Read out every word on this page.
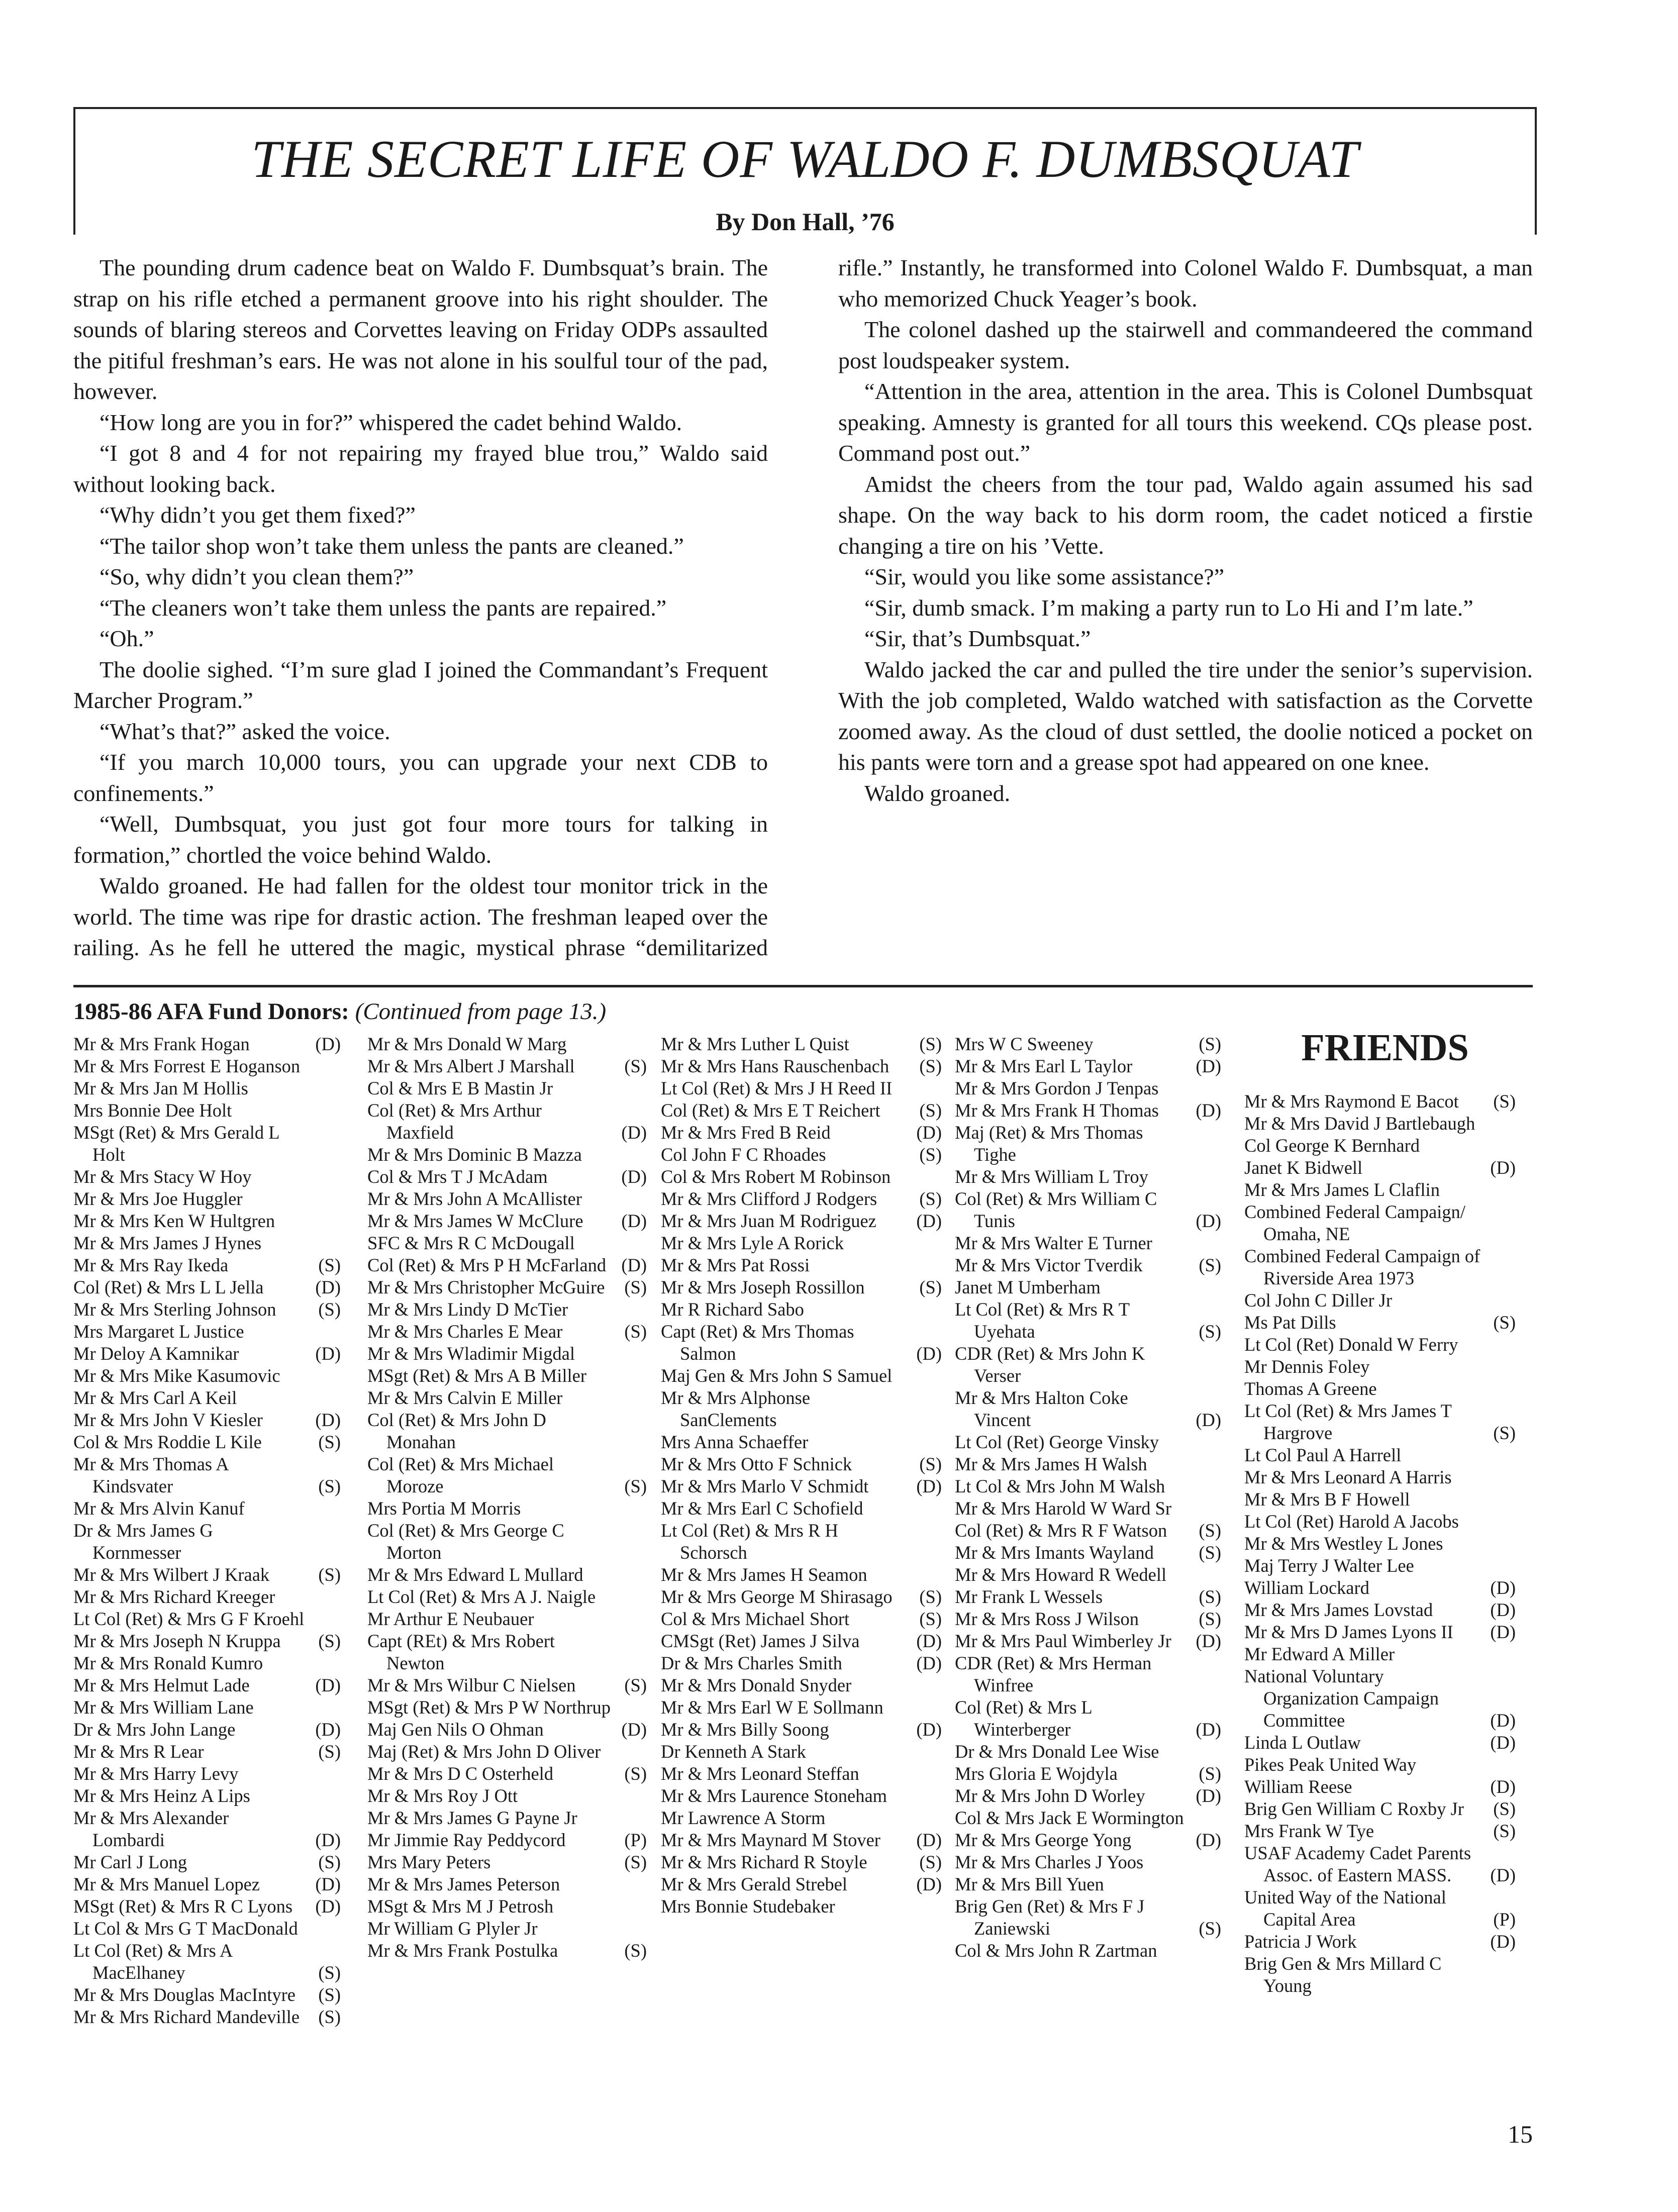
THE SECRET LIFE OF WALDO F. DUMBSQUAT
By Don Hall, ’76

The pounding drum cadence beat on Waldo F. Dumbsquat’s brain. The strap on his rifle etched a permanent groove into his right shoulder. The sounds of blaring stereos and Corvettes leaving on Friday ODPs assaulted the pitiful freshman’s ears. He was not alone in his soulful tour of the pad, however.

“How long are you in for?” whispered the cadet behind Waldo.

“I got 8 and 4 for not repairing my frayed blue trou,” Waldo said without looking back.

“Why didn’t you get them fixed?”

“The tailor shop won’t take them unless the pants are cleaned.”

“So, why didn’t you clean them?”

“The cleaners won’t take them unless the pants are repaired.”

“Oh.”

The doolie sighed. “I’m sure glad I joined the Commandant’s Frequent Marcher Program.”

“What’s that?” asked the voice.

“If you march 10,000 tours, you can upgrade your next CDB to confinements.”

“Well, Dumbsquat, you just got four more tours for talking in formation,” chortled the voice behind Waldo.

Waldo groaned. He had fallen for the oldest tour monitor trick in the world. The time was ripe for drastic action. The freshman leaped over the railing. As he fell he uttered the magic, mystical phrase “demilitarized rifle.” Instantly, he transformed into Colonel Waldo F. Dumbsquat, a man who memorized Chuck Yeager’s book.

The colonel dashed up the stairwell and commandeered the command post loudspeaker system.

“Attention in the area, attention in the area. This is Colonel Dumbsquat speaking. Amnesty is granted for all tours this weekend. CQs please post. Command post out.”

Amidst the cheers from the tour pad, Waldo again assumed his sad shape. On the way back to his dorm room, the cadet noticed a firstie changing a tire on his ’Vette.

“Sir, would you like some assistance?”

“Sir, dumb smack. I’m making a party run to Lo Hi and I’m late.”

“Sir, that’s Dumbsquat.”

Waldo jacked the car and pulled the tire under the senior’s supervision. With the job completed, Waldo watched with satisfaction as the Corvette zoomed away. As the cloud of dust settled, the doolie noticed a pocket on his pants were torn and a grease spot had appeared on one knee.

Waldo groaned.

1985-86 AFA Fund Donors: (Continued from page 13.)
Mr & Mrs Frank Hogan	(D)
Mr & Mrs Forrest E Hoganson
Mr & Mrs Jan M Hollis
Mrs Bonnie Dee Holt
MSgt (Ret) & Mrs Gerald L Holt
Mr & Mrs Stacy W Hoy
Mr & Mrs Joe Huggler
Mr & Mrs Ken W Hultgren
Mr & Mrs James J Hynes
Mr & Mrs Ray Ikeda	(S)
Col (Ret) & Mrs L L Jella	(D)
Mr & Mrs Sterling Johnson	(S)
Mrs Margaret L Justice
Mr Deloy A Kamnikar	(D)
Mr & Mrs Mike Kasumovic
Mr & Mrs Carl A Keil
Mr & Mrs John V Kiesler	(D)
Col & Mrs Roddie L Kile	(S)
Mr & Mrs Thomas A Kindsvater	(S)
Mr & Mrs Alvin Kanuf
Dr & Mrs James G Kornmesser
Mr & Mrs Wilbert J Kraak	(S)
Mr & Mrs Richard Kreeger
Lt Col (Ret) & Mrs G F Kroehl
Mr & Mrs Joseph N Kruppa	(S)
Mr & Mrs Ronald Kumro
Mr & Mrs Helmut Lade	(D)
Mr & Mrs William Lane
Dr & Mrs John Lange	(D)
Mr & Mrs R Lear	(S)
Mr & Mrs Harry Levy
Mr & Mrs Heinz A Lips
Mr & Mrs Alexander Lombardi	(D)
Mr Carl J Long	(S)
Mr & Mrs Manuel Lopez	(D)
MSgt (Ret) & Mrs R C Lyons	(D)
Lt Col & Mrs G T MacDonald
Lt Col (Ret) & Mrs A MacElhaney	(S)
Mr & Mrs Douglas MacIntyre	(S)
Mr & Mrs Richard Mandeville	(S)
Mr & Mrs Donald W Marg
Mr & Mrs Albert J Marshall	(S)
Col & Mrs E B Mastin Jr
Col (Ret) & Mrs Arthur Maxfield	(D)
Mr & Mrs Dominic B Mazza
Col & Mrs T J McAdam	(D)
Mr & Mrs John A McAllister
Mr & Mrs James W McClure	(D)
SFC & Mrs R C McDougall
Col (Ret) & Mrs P H McFarland (D)
Mr & Mrs Christopher McGuire	(S)
Mr & Mrs Lindy D McTier
Mr & Mrs Charles E Mear	(S)
Mr & Mrs Wladimir Migdal
MSgt (Ret) & Mrs A B Miller
Mr & Mrs Calvin E Miller
Col (Ret) & Mrs John D Monahan
Col (Ret) & Mrs Michael Moroze	(S)
Mrs Portia M Morris
Col (Ret) & Mrs George C Morton
Mr & Mrs Edward L Mullard
Lt Col (Ret) & Mrs A J. Naigle
Mr Arthur E Neubauer
Capt (REt) & Mrs Robert Newton
Mr & Mrs Wilbur C Nielsen	(S)
MSgt (Ret) & Mrs P W Northrup
Maj Gen Nils O Ohman	(D)
Maj (Ret) & Mrs John D Oliver
Mr & Mrs D C Osterheld	(S)
Mr & Mrs Roy J Ott
Mr & Mrs James G Payne Jr
Mr Jimmie Ray Peddycord	(P)
Mrs Mary Peters	(S)
Mr & Mrs James Peterson
MSgt & Mrs M J Petrosh
Mr William G Plyler Jr
Mr & Mrs Frank Postulka	(S)
Mr & Mrs Luther L Quist	(S)
Mr & Mrs Hans Rauschenbach	(S)
Lt Col (Ret) & Mrs J H Reed II
Col (Ret) & Mrs E T Reichert	(S)
Mr & Mrs Fred B Reid	(D)
Col John F C Rhoades	(S)
Col & Mrs Robert M Robinson
Mr & Mrs Clifford J Rodgers	(S)
Mr & Mrs Juan M Rodriguez	(D)
Mr & Mrs Lyle A Rorick
Mr & Mrs Pat Rossi
Mr & Mrs Joseph Rossillon	(S)
Mr R Richard Sabo
Capt (Ret) & Mrs Thomas Salmon	(D)
Maj Gen & Mrs John S Samuel
Mr & Mrs Alphonse SanClements
Mrs Anna Schaeffer
Mr & Mrs Otto F Schnick	(S)
Mr & Mrs Marlo V Schmidt	(D)
Mr & Mrs Earl C Schofield
Lt Col (Ret) & Mrs R H Schorsch
Mr & Mrs James H Seamon
Mr & Mrs George M Shirasago	(S)
Col & Mrs Michael Short	(S)
CMSgt (Ret) James J Silva	(D)
Dr & Mrs Charles Smith	(D)
Mr & Mrs Donald Snyder
Mr & Mrs Earl W E Sollmann
Mr & Mrs Billy Soong	(D)
Dr Kenneth A Stark
Mr & Mrs Leonard Steffan
Mr & Mrs Laurence Stoneham
Mr Lawrence A Storm
Mr & Mrs Maynard M Stover	(D)
Mr & Mrs Richard R Stoyle	(S)
Mr & Mrs Gerald Strebel	(D)
Mrs Bonnie Studebaker
Mrs W C Sweeney	(S)
Mr & Mrs Earl L Taylor	(D)
Mr & Mrs Gordon J Tenpas
Mr & Mrs Frank H Thomas	(D)
Maj (Ret) & Mrs Thomas Tighe
Mr & Mrs William L Troy
Col (Ret) & Mrs William C Tunis	(D)
Mr & Mrs Walter E Turner
Mr & Mrs Victor Tverdik	(S)
Janet M Umberham
Lt Col (Ret) & Mrs R T Uyehata	(S)
CDR (Ret) & Mrs John K Verser
Mr & Mrs Halton Coke Vincent	(D)
Lt Col (Ret) George Vinsky
Mr & Mrs James H Walsh
Lt Col & Mrs John M Walsh
Mr & Mrs Harold W Ward Sr
Col (Ret) & Mrs R F Watson	(S)
Mr & Mrs Imants Wayland	(S)
Mr & Mrs Howard R Wedell
Mr Frank L Wessels	(S)
Mr & Mrs Ross J Wilson	(S)
Mr & Mrs Paul Wimberley Jr	(D)
CDR (Ret) & Mrs Herman Winfree
Col (Ret) & Mrs L Winterberger	(D)
Dr & Mrs Donald Lee Wise
Mrs Gloria E Wojdyla	(S)
Mr & Mrs John D Worley	(D)
Col & Mrs Jack E Wormington
Mr & Mrs George Yong	(D)
Mr & Mrs Charles J Yoos
Mr & Mrs Bill Yuen
Brig Gen (Ret) & Mrs F J Zaniewski	(S)
Col & Mrs John R Zartman
FRIENDS
Mr & Mrs Raymond E Bacot	(S)
Mr & Mrs David J Bartlebaugh
Col George K Bernhard
Janet K Bidwell	(D)
Mr & Mrs James L Claflin
Combined Federal Campaign/ Omaha, NE
Combined Federal Campaign of Riverside Area 1973
Col John C Diller Jr
Ms Pat Dills	(S)
Lt Col (Ret) Donald W Ferry
Mr Dennis Foley
Thomas A Greene
Lt Col (Ret) & Mrs James T Hargrove	(S)
Lt Col Paul A Harrell
Mr & Mrs Leonard A Harris
Mr & Mrs B F Howell
Lt Col (Ret) Harold A Jacobs
Mr & Mrs Westley L Jones
Maj Terry J Walter Lee
William Lockard	(D)
Mr & Mrs James Lovstad	(D)
Mr & Mrs D James Lyons II	(D)
Mr Edward A Miller
National Voluntary Organization Campaign Committee	(D)
Linda L Outlaw	(D)
Pikes Peak United Way
William Reese	(D)
Brig Gen William C Roxby Jr	(S)
Mrs Frank W Tye	(S)
USAF Academy Cadet Parents Assoc. of Eastern MASS.	(D)
United Way of the National Capital Area	(P)
Patricia J Work	(D)
Brig Gen & Mrs Millard C Young
15
